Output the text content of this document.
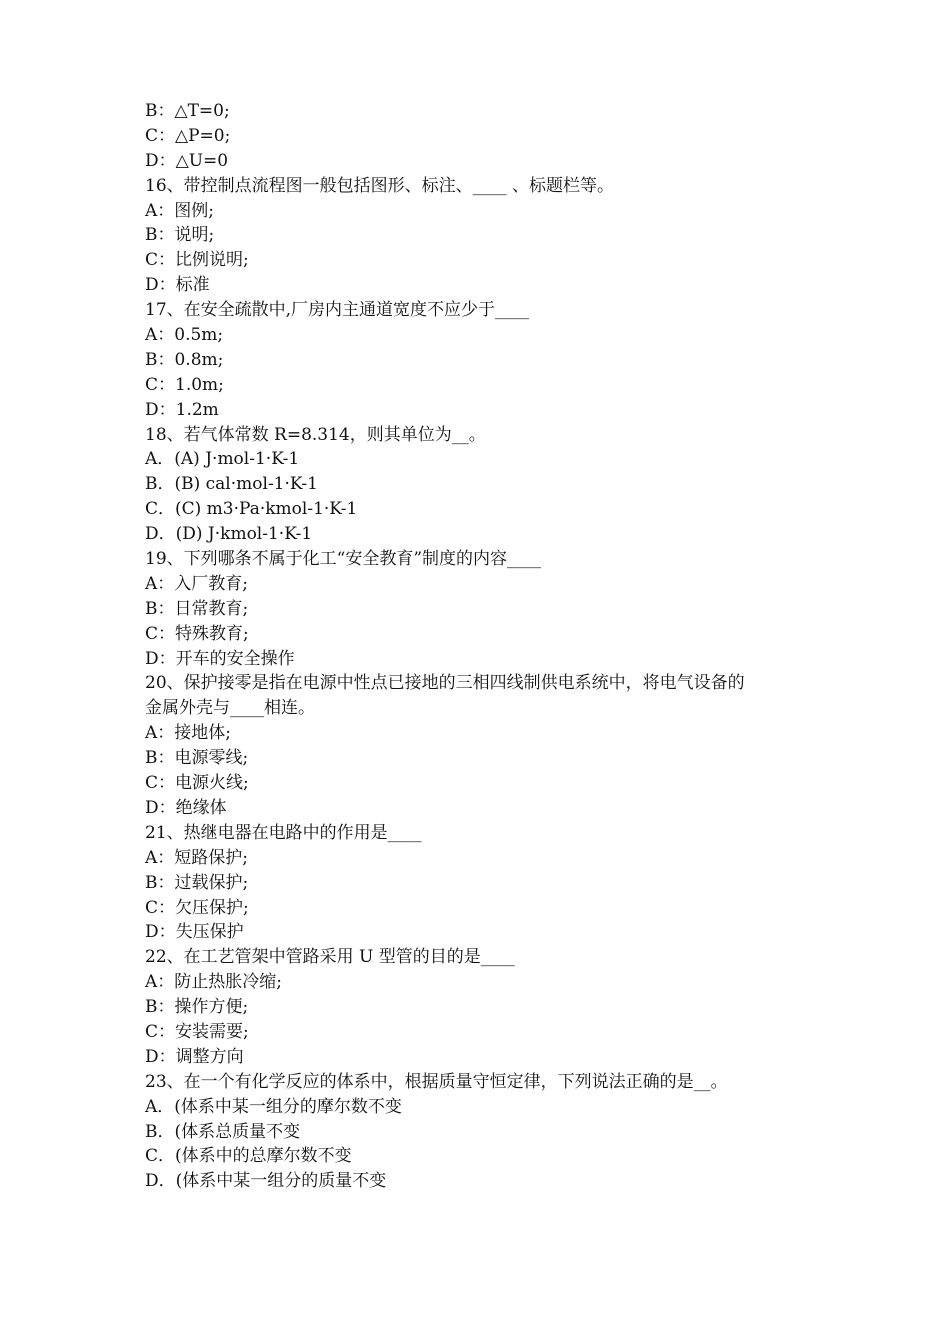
B：△T=0;

C：△P=0;

D：△U=0

16、带控制点流程图一般包括图形、标注、____ 、标题栏等。

A：图例;

B：说明;

C：比例说明;

D：标准

17、在安全疏散中,厂房内主通道宽度不应少于____

A：0.5m;

B：0.8m;

C：1.0m;

D：1.2m

18、若气体常数 R=8.314，则其单位为__。

A．(A) J·mol-1·K-1

B．(B) cal·mol-1·K-1

C．(C) m3·Pa·kmol-1·K-1

D．(D) J·kmol-1·K-1

19、下列哪条不属于化工“安全教育”制度的内容____

A：入厂教育;

B：日常教育;

C：特殊教育;

D：开车的安全操作

20、保护接零是指在电源中性点已接地的三相四线制供电系统中，将电气设备的

金属外壳与____相连。

A：接地体;

B：电源零线;

C：电源火线;

D：绝缘体

21、热继电器在电路中的作用是____

A：短路保护;

B：过载保护;

C：欠压保护;

D：失压保护

22、在工艺管架中管路采用 U 型管的目的是____

A：防止热胀冷缩;

B：操作方便;

C：安装需要;

D：调整方向

23、在一个有化学反应的体系中，根据质量守恒定律，下列说法正确的是__。

A．(体系中某一组分的摩尔数不变

B．(体系总质量不变

C．(体系中的总摩尔数不变

D．(体系中某一组分的质量不变
